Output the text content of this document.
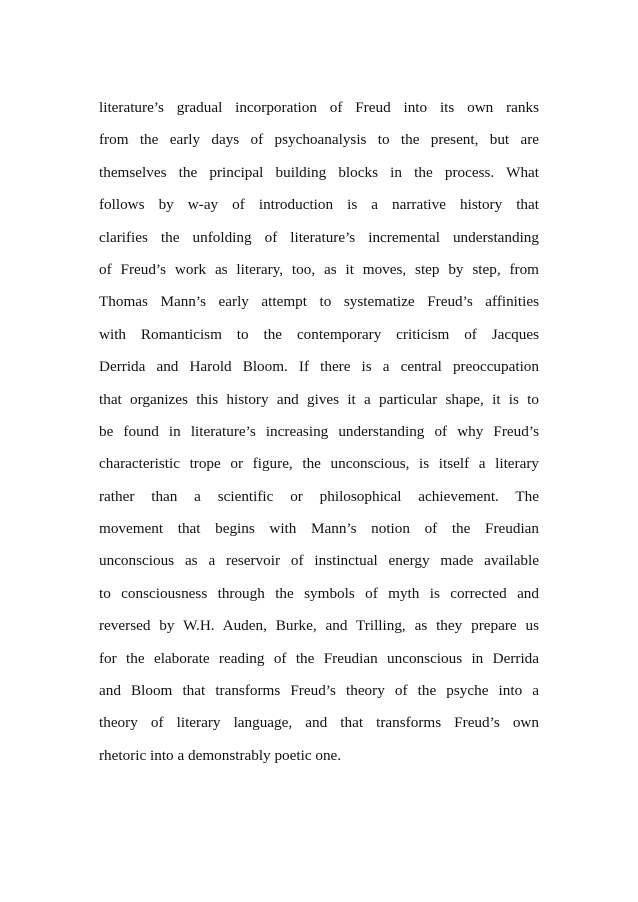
literature’s gradual incorporation of Freud into its own ranks
from the early days of psychoanalysis to the present, but are
themselves the principal building blocks in the process. What
follows by w-ay of introduction is a narrative history that
clarifies the unfolding of literature’s incremental understanding
of Freud’s work as literary, too, as it moves, step by step, from
Thomas Mann’s early attempt to systematize Freud’s affinities
with Romanticism to the contemporary criticism of Jacques
Derrida and Harold Bloom. If there is a central preoccupation
that organizes this history and gives it a particular shape, it is to
be found in literature’s increasing understanding of why Freud’s
characteristic trope or figure, the unconscious, is itself a literary
rather than a scientific or philosophical achievement. The
movement that begins with Mann’s notion of the Freudian
unconscious as a reservoir of instinctual energy made available
to consciousness through the symbols of myth is corrected and
reversed by W.H. Auden, Burke, and Trilling, as they prepare us
for the elaborate reading of the Freudian unconscious in Derrida
and Bloom that transforms Freud’s theory of the psyche into a
theory of literary language, and that transforms Freud’s own
rhetoric into a demonstrably poetic one.
